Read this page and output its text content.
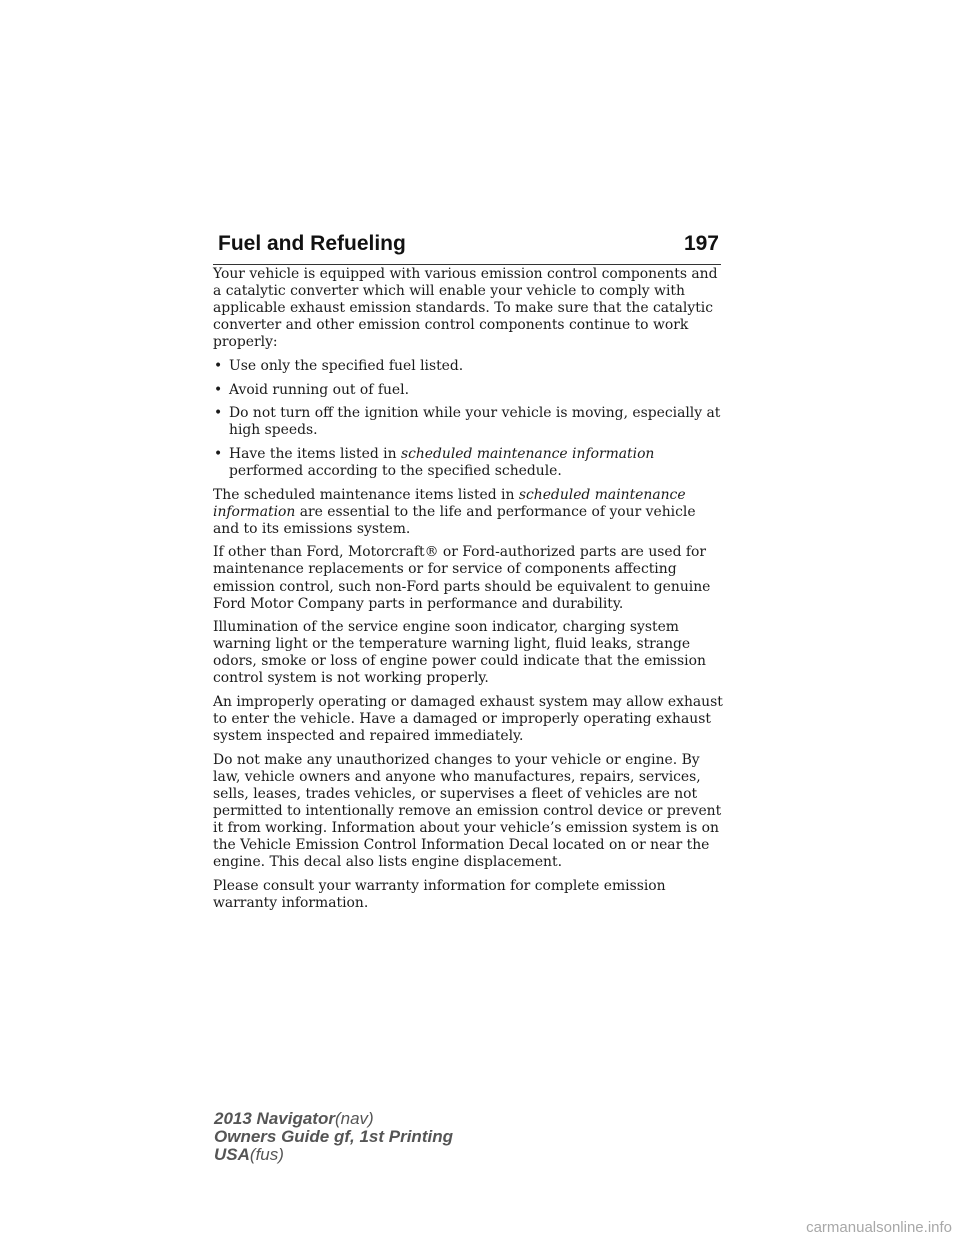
Fuel and Refueling	197

Your vehicle is equipped with various emission control components and a catalytic converter which will enable your vehicle to comply with applicable exhaust emission standards. To make sure that the catalytic converter and other emission control components continue to work properly:

• Use only the specified fuel listed.
• Avoid running out of fuel.
• Do not turn off the ignition while your vehicle is moving, especially at high speeds.
• Have the items listed in scheduled maintenance information performed according to the specified schedule.

The scheduled maintenance items listed in scheduled maintenance information are essential to the life and performance of your vehicle and to its emissions system.

If other than Ford, Motorcraft® or Ford-authorized parts are used for maintenance replacements or for service of components affecting emission control, such non-Ford parts should be equivalent to genuine Ford Motor Company parts in performance and durability.

Illumination of the service engine soon indicator, charging system warning light or the temperature warning light, fluid leaks, strange odors, smoke or loss of engine power could indicate that the emission control system is not working properly.

An improperly operating or damaged exhaust system may allow exhaust to enter the vehicle. Have a damaged or improperly operating exhaust system inspected and repaired immediately.

Do not make any unauthorized changes to your vehicle or engine. By law, vehicle owners and anyone who manufactures, repairs, services, sells, leases, trades vehicles, or supervises a fleet of vehicles are not permitted to intentionally remove an emission control device or prevent it from working. Information about your vehicle’s emission system is on the Vehicle Emission Control Information Decal located on or near the engine. This decal also lists engine displacement.

Please consult your warranty information for complete emission warranty information.

2013 Navigator(nav)
Owners Guide gf, 1st Printing
USA(fus)
carmanualsonline.info
